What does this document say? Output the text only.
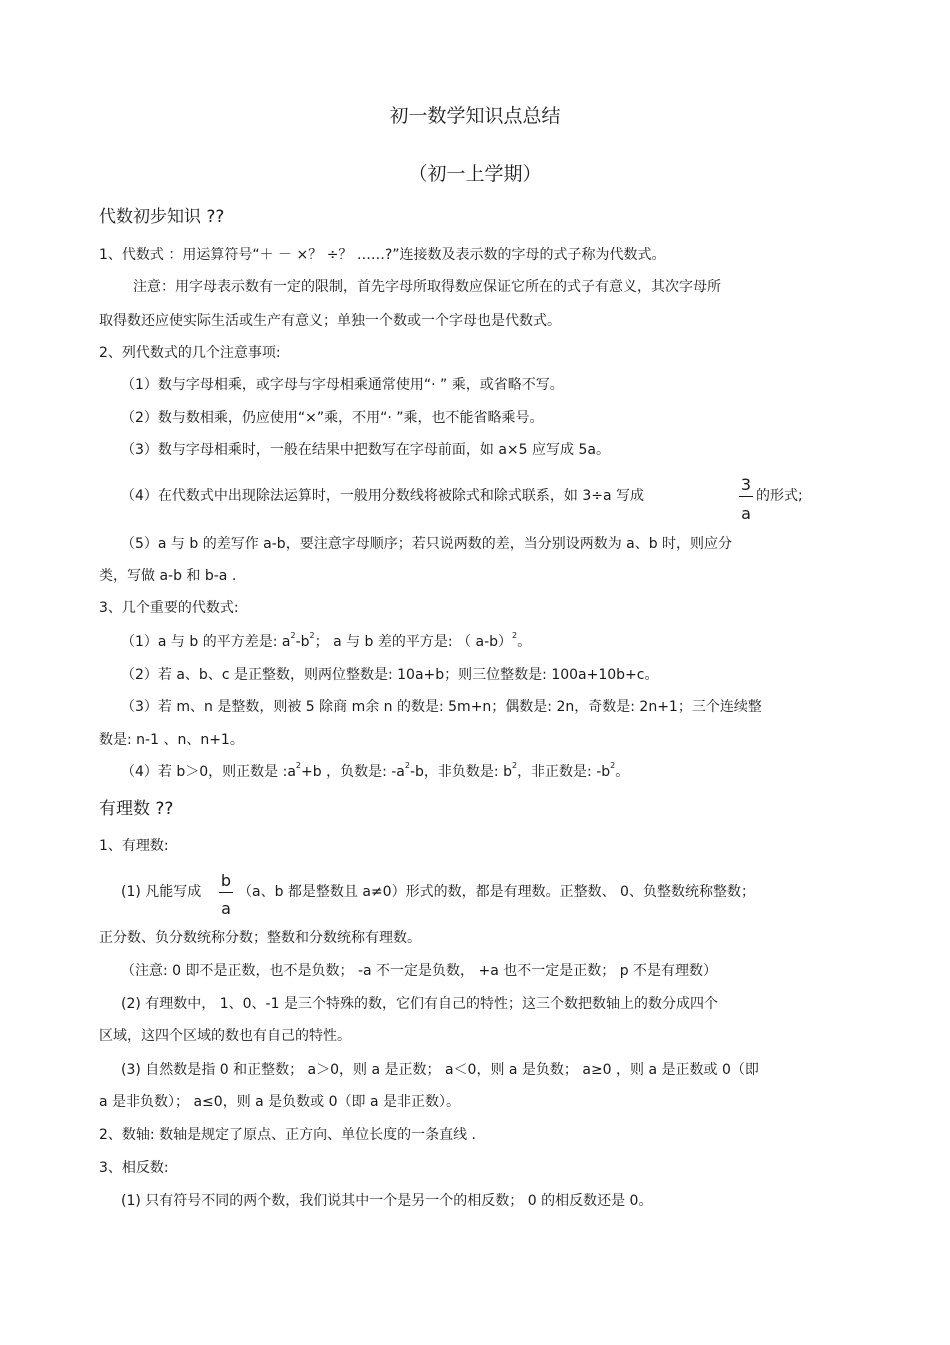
初一数学知识点总结
（初一上学期）
代数初步知识 ??
1、代数式 ：用运算符号“＋ － ×？ ÷？ ……?”连接数及表示数的字母的式子称为代数式。
注意：用字母表示数有一定的限制，首先字母所取得数应保证它所在的式子有意义，其次字母所
取得数还应使实际生活或生产有意义；单独一个数或一个字母也是代数式。
2、列代数式的几个注意事项:
（1）数与字母相乘，或字母与字母相乘通常使用“· ” 乘，或省略不写。
（2）数与数相乘，仍应使用“×”乘，不用“· ”乘，也不能省略乘号。
（3）数与字母相乘时，一般在结果中把数写在字母前面，如 a×5 应写成 5a。
（4）在代数式中出现除法运算时，一般用分数线将被除式和除式联系，如 3÷a 写成
3
a
的形式;
（5）a 与 b 的差写作 a-b，要注意字母顺序；若只说两数的差，当分别设两数为 a、b 时，则应分
类，写做 a-b 和 b-a .
3、几个重要的代数式:
（1）a 与 b 的平方差是: $a^2-b^2$； a 与 b 差的平方是: （ a-b）$^2$。
（2）若 a、b、c 是正整数，则两位整数是: 10a+b；则三位整数是: 100a+10b+c。
（3）若 m、n 是整数，则被 5 除商 m余 n 的数是: 5m+n；偶数是: 2n，奇数是: 2n+1；三个连续整
数是: n-1 、n、n+1。
（4）若 b＞0，则正数是 $:a^2+b$ ，负数是: $-a^2-b$，非负数是: $b^2$，非正数是: $-b^2$。
有理数 ??
1、有理数:
(1) 凡能写成
b
a
（a、b 都是整数且 a≠0）形式的数，都是有理数。正整数、 0、负整数统称整数；
正分数、负分数统称分数；整数和分数统称有理数。
（注意: 0 即不是正数，也不是负数； -a 不一定是负数， +a 也不一定是正数； p 不是有理数）
(2) 有理数中， 1、0、-1 是三个特殊的数，它们有自己的特性；这三个数把数轴上的数分成四个
区域，这四个区域的数也有自己的特性。
(3) 自然数是指 0 和正整数； a＞0，则 a 是正数； a＜0，则 a 是负数； a≥0 ，则 a 是正数或 0（即
a 是非负数）； a≤0，则 a 是负数或 0（即 a 是非正数）。
2、数轴: 数轴是规定了原点、正方向、单位长度的一条直线 .
3、相反数:
(1) 只有符号不同的两个数，我们说其中一个是另一个的相反数； 0 的相反数还是 0。
